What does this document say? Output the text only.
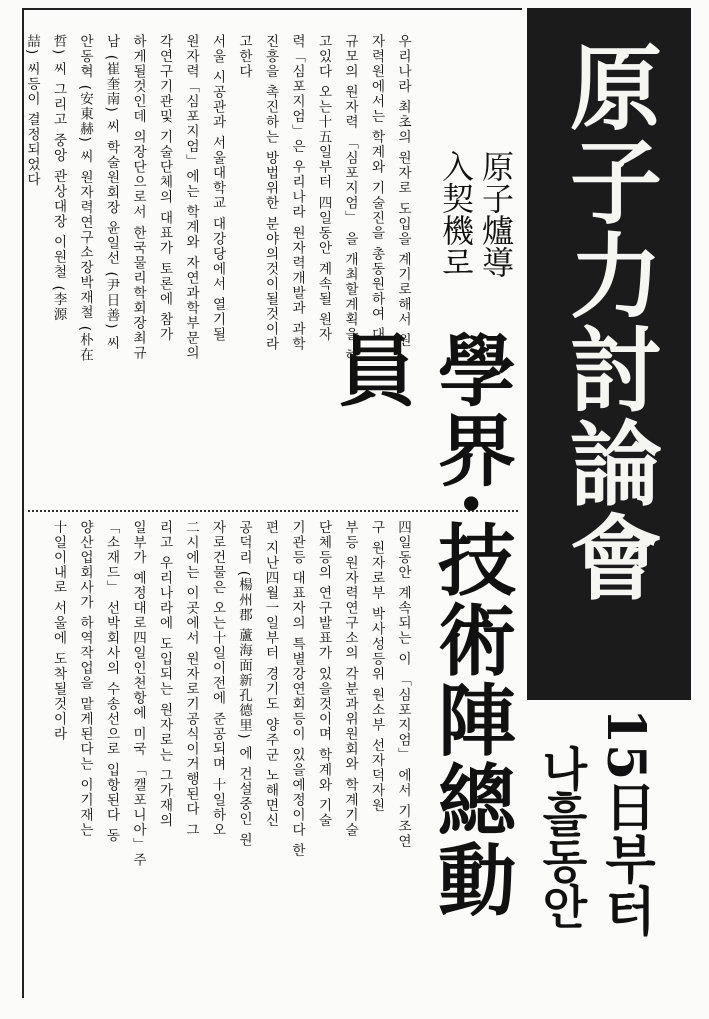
原子力討論會
原子爐導
入契機로
學界·技術陣總動員
15日부터
나흘동안
우리나라 최초의 원자로 도입을 계기로해서 원
자력원에서는 학계와 기술진을 총동원하여 대
규모의 원자력 「심포지엄」 을 개최할계획을 하
고있다 오는十五일부터 四일동안 계속될 원자
력「심포지엄」은 우리나라 원자력개발과 과학
진흥을 촉진하는 방법위한 분야의것이될것이라
고한다
서울 시공관과 서울대학교 대강당에서 열기될
원자력「심포지엄」에는 학계와 자연과학부문의
각연구기관및 기술단체의 대표가 토론에 참가
하게될것인데 의장단으로서 한국물리학회장최규
남 (崔奎南) 씨 학술원회장 윤일선 (尹日善) 씨
안동혁 (安東赫) 씨 원자력연구소장박재철 (朴在
哲) 씨 그리고 중앙 관상대장 이원철 (李源
喆) 씨등이 결정되었다
四일동안 계속되는 이 「심포지엄」 에서 기조연
구 원자로부 박사성등위 원소부 선자덕자원
부등 원자력연구소의 각분과위원회와 학계기술
단체등의 연구발표가 있을것이며 학계와 기술
기관등 대표자의 특별강연회등이 있을예정이다 한
편 지난四월一일부터 경기도 양주군 노해면신
공덕리 (楊州郡 蘆海面新孔德里) 에 건설중인 원
자로건물은 오는十일이전에 준공되며 十일하오
二시에는 이곳에서 원자로기공식이거행된다 그
리고 우리나라에 도입되는 원자로는 그가재의
일부가 예정대로四일인천항에 미국 「캘포니아」주
「소재드」 선박회사의 수송선으로 입항된다 동
양산업회사가 하역작업을 맡게된다는 이기재는
十일이내로 서울에 도착될것이라
